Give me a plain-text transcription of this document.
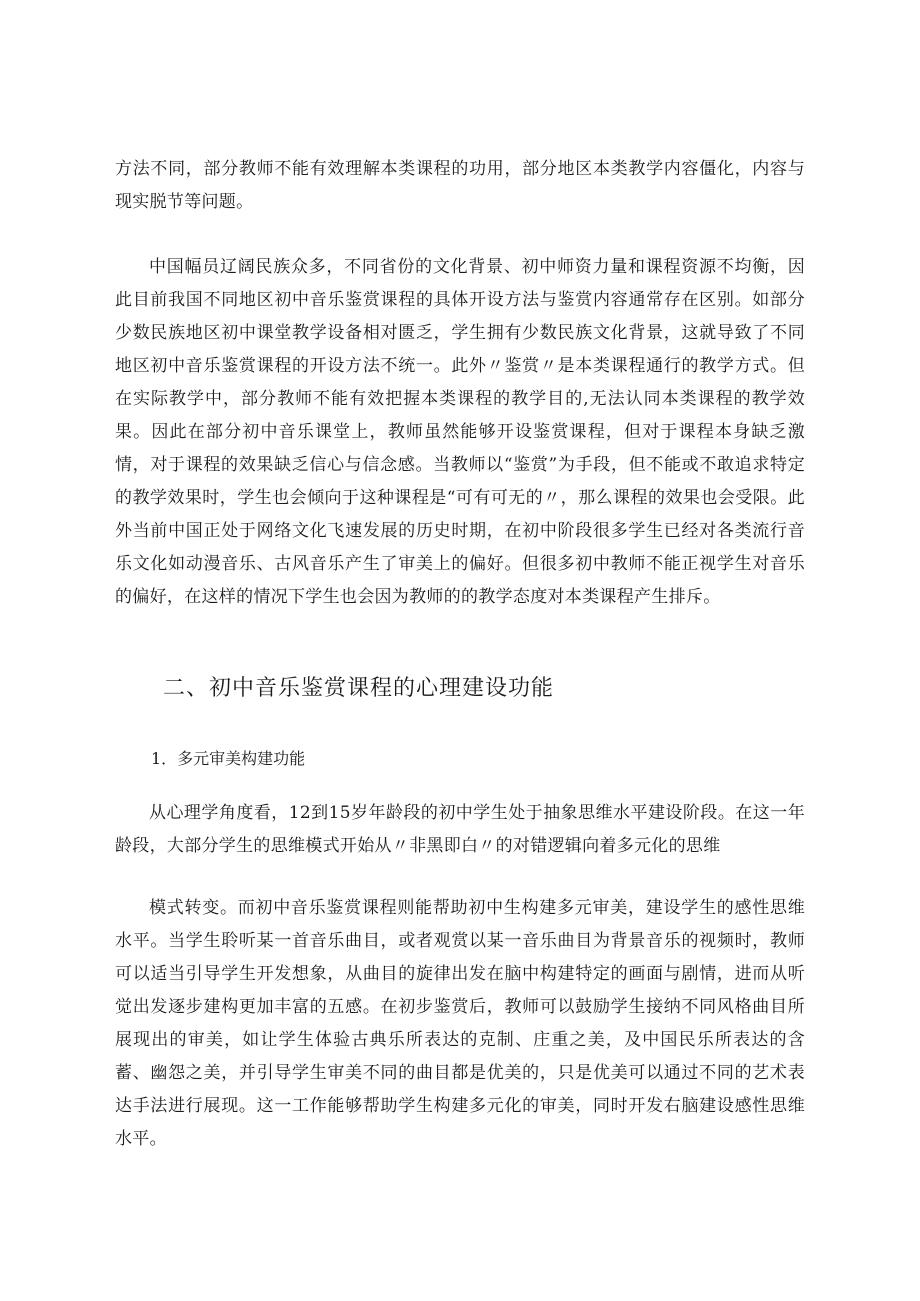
方法不同，部分教师不能有效理解本类课程的功用，部分地区本类教学内容僵化，内容与现实脱节等问题。

中国幅员辽阔民族众多，不同省份的文化背景、初中师资力量和课程资源不均衡，因此目前我国不同地区初中音乐鉴赏课程的具体开设方法与鉴赏内容通常存在区别。如部分少数民族地区初中课堂教学设备相对匮乏，学生拥有少数民族文化背景，这就导致了不同地区初中音乐鉴赏课程的开设方法不统一。此外〃鉴赏〃是本类课程通行的教学方式。但在实际教学中，部分教师不能有效把握本类课程的教学目的,无法认同本类课程的教学效果。因此在部分初中音乐课堂上，教师虽然能够开设鉴赏课程，但对于课程本身缺乏激情，对于课程的效果缺乏信心与信念感。当教师以“鉴赏”为手段，但不能或不敢追求特定的教学效果时，学生也会倾向于这种课程是“可有可无的〃，那么课程的效果也会受限。此外当前中国正处于网络文化飞速发展的历史时期，在初中阶段很多学生已经对各类流行音乐文化如动漫音乐、古风音乐产生了审美上的偏好。但很多初中教师不能正视学生对音乐的偏好，在这样的情况下学生也会因为教师的的教学态度对本类课程产生排斥。

二、初中音乐鉴赏课程的心理建设功能
1．多元审美构建功能

从心理学角度看，12到15岁年龄段的初中学生处于抽象思维水平建设阶段。在这一年龄段，大部分学生的思维模式开始从〃非黑即白〃的对错逻辑向着多元化的思维

模式转变。而初中音乐鉴赏课程则能帮助初中生构建多元审美，建设学生的感性思维水平。当学生聆听某一首音乐曲目，或者观赏以某一音乐曲目为背景音乐的视频时，教师可以适当引导学生开发想象，从曲目的旋律出发在脑中构建特定的画面与剧情，进而从听觉出发逐步建构更加丰富的五感。在初步鉴赏后，教师可以鼓励学生接纳不同风格曲目所展现出的审美，如让学生体验古典乐所表达的克制、庄重之美，及中国民乐所表达的含蓄、幽怨之美，并引导学生审美不同的曲目都是优美的，只是优美可以通过不同的艺术表达手法进行展现。这一工作能够帮助学生构建多元化的审美，同时开发右脑建设感性思维水平。
